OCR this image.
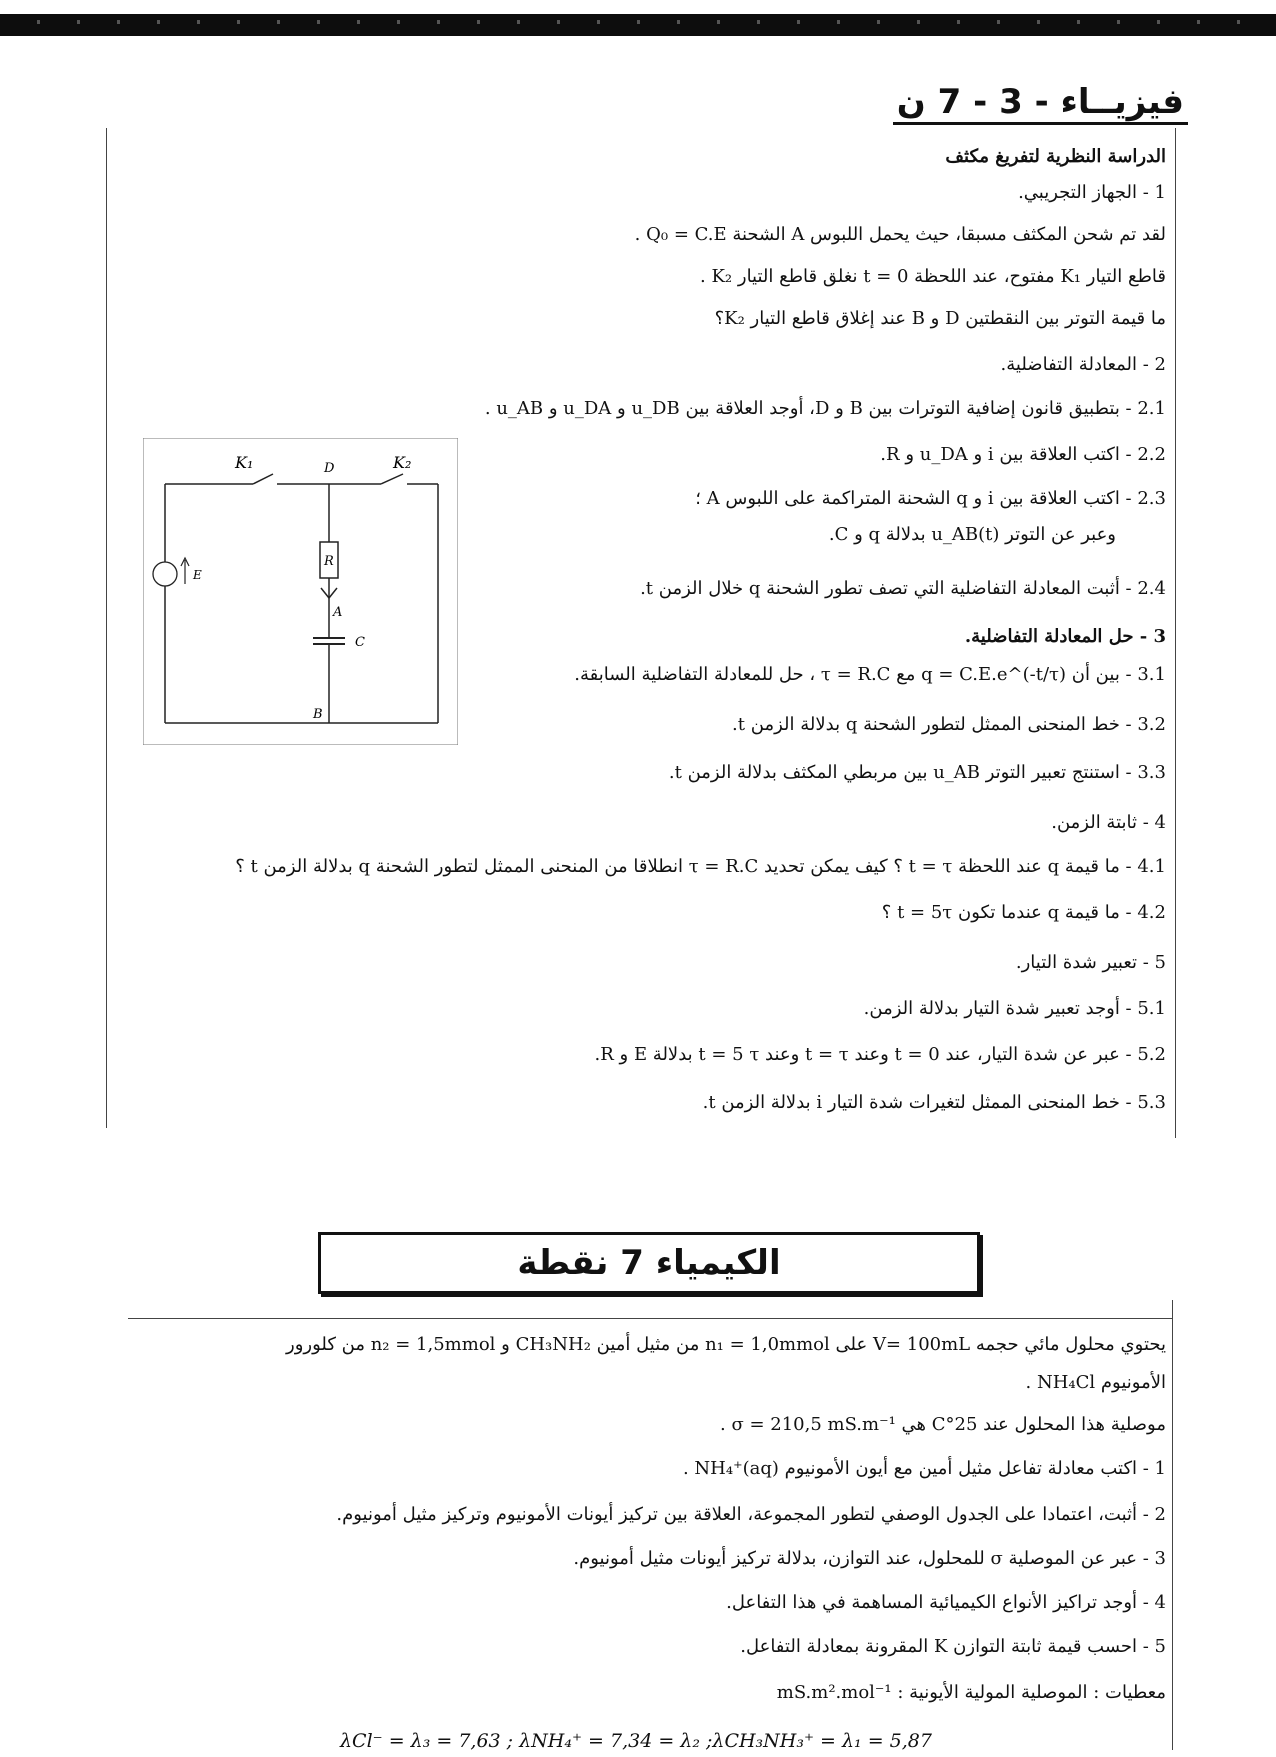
فيزيــاء - 3 - 7 ن
الدراسة النظرية لتفريغ مكثف
1 - الجهاز التجريبي.
لقد تم شحن المكثف مسبقا، حيث يحمل اللبوس A الشحنة Q₀ = C.E .
قاطع التيار K₁ مفتوح، عند اللحظة t = 0 نغلق قاطع التيار K₂ .
ما قيمة التوتر بين النقطتين D و B عند إغلاق قاطع التيار K₂؟
2 - المعادلة التفاضلية.
2.1 - بتطبيق قانون إضافية التوترات بين B و D، أوجد العلاقة بين u_DB و u_DA و u_AB .
2.2 - اكتب العلاقة بين i و u_DA و R.
2.3 - اكتب العلاقة بين i و q الشحنة المتراكمة على اللبوس A ؛
وعبر عن التوتر u_AB(t) بدلالة q و C.
2.4 - أثبت المعادلة التفاضلية التي تصف تطور الشحنة q خلال الزمن t.
3 - حل المعادلة التفاضلية.
3.1 - بين أن q = C.E.e^(-t/τ) مع τ = R.C ، حل للمعادلة التفاضلية السابقة.
3.2 - خط المنحنى الممثل لتطور الشحنة q بدلالة الزمن t.
3.3 - استنتج تعبير التوتر u_AB بين مربطي المكثف بدلالة الزمن t.
4 - ثابتة الزمن.
4.1 - ما قيمة q عند اللحظة t = τ ؟ كيف يمكن تحديد τ = R.C انطلاقا من المنحنى الممثل لتطور الشحنة q بدلالة الزمن t ؟
4.2 - ما قيمة q عندما تكون t = 5τ ؟
5 - تعبير شدة التيار.
5.1 - أوجد تعبير شدة التيار بدلالة الزمن.
5.2 - عبر عن شدة التيار، عند t = 0 وعند t = τ وعند t = 5 τ بدلالة E و R.
5.3 - خط المنحنى الممثل لتغيرات شدة التيار i بدلالة الزمن t.
K₁	D	K₂
R
E
A
C
B
الكيمياء 7 نقطة
يحتوي محلول مائي حجمه V= 100mL على n₁ = 1,0mmol من مثيل أمين CH₃NH₂ و n₂ = 1,5mmol من كلورور
الأمونيوم NH₄Cl .
موصلية هذا المحلول عند 25°C هي σ = 210,5 mS.m⁻¹ .
1 - اكتب معادلة تفاعل مثيل أمين مع أيون الأمونيوم NH₄⁺(aq) .
2 - أثبت، اعتمادا على الجدول الوصفي لتطور المجموعة، العلاقة بين تركيز أيونات الأمونيوم وتركيز مثيل أمونيوم.
3 - عبر عن الموصلية σ للمحلول، عند التوازن، بدلالة تركيز أيونات مثيل أمونيوم.
4 - أوجد تراكيز الأنواع الكيميائية المساهمة في هذا التفاعل.
5 - احسب قيمة ثابتة التوازن K المقرونة بمعادلة التفاعل.
معطيات : الموصلية المولية الأيونية : mS.m².mol⁻¹
λCl⁻ = λ₃ = 7,63 ; λNH₄⁺ = 7,34 = λ₂ ;λCH₃NH₃⁺ = λ₁ = 5,87
